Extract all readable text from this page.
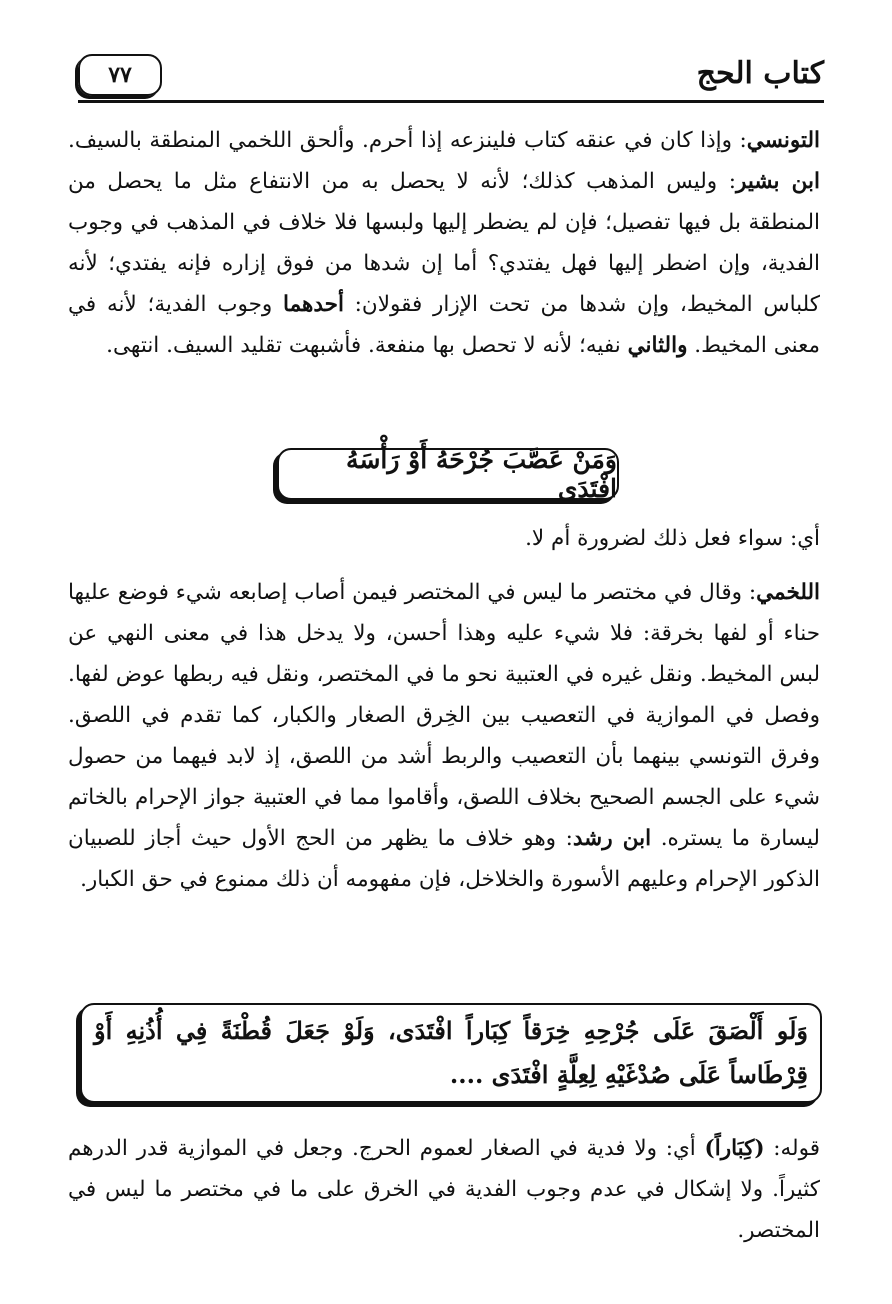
كتاب الحج
٧٧

التونسي: وإذا كان في عنقه كتاب فلينزعه إذا أحرم. وألحق اللخمي المنطقة بالسيف. ابن بشير: وليس المذهب كذلك؛ لأنه لا يحصل به من الانتفاع مثل ما يحصل من المنطقة بل فيها تفصيل؛ فإن لم يضطر إليها ولبسها فلا خلاف في المذهب في وجوب الفدية، وإن اضطر إليها فهل يفتدي؟ أما إن شدها من فوق إزاره فإنه يفتدي؛ لأنه كلباس المخيط، وإن شدها من تحت الإزار فقولان: أحدهما وجوب الفدية؛ لأنه في معنى المخيط. والثاني نفيه؛ لأنه لا تحصل بها منفعة. فأشبهت تقليد السيف. انتهى.

وَمَنْ عَصَّبَ جُرْحَهُ أَوْ رَأْسَهُ افْتَدَى

أي: سواء فعل ذلك لضرورة أم لا.

اللخمي: وقال في مختصر ما ليس في المختصر فيمن أصاب إصابعه شيء فوضع عليها حناء أو لفها بخرقة: فلا شيء عليه وهذا أحسن، ولا يدخل هذا في معنى النهي عن لبس المخيط. ونقل غيره في العتبية نحو ما في المختصر، ونقل فيه ربطها عوض لفها. وفصل في الموازية في التعصيب بين الخِرق الصغار والكبار، كما تقدم في اللصق. وفرق التونسي بينهما بأن التعصيب والربط أشد من اللصق، إذ لابد فيهما من حصول شيء على الجسم الصحيح بخلاف اللصق، وأقاموا مما في العتبية جواز الإحرام بالخاتم ليسارة ما يستره. ابن رشد: وهو خلاف ما يظهر من الحج الأول حيث أجاز للصبيان الذكور الإحرام وعليهم الأسورة والخلاخل، فإن مفهومه أن ذلك ممنوع في حق الكبار.

وَلَو أَلْصَقَ عَلَى جُرْحِهِ خِرَقاً كِبَاراً افْتَدَى، وَلَوْ جَعَلَ قُطْنَةً فِي أُذُنِهِ أَوْ قِرْطَاساً عَلَى صُدْغَيْهِ لِعِلَّةٍ افْتَدَى ....

قوله: (كِبَاراً) أي: ولا فدية في الصغار لعموم الحرج. وجعل في الموازية قدر الدرهم كثيراً. ولا إشكال في عدم وجوب الفدية في الخرق على ما في مختصر ما ليس في المختصر.
